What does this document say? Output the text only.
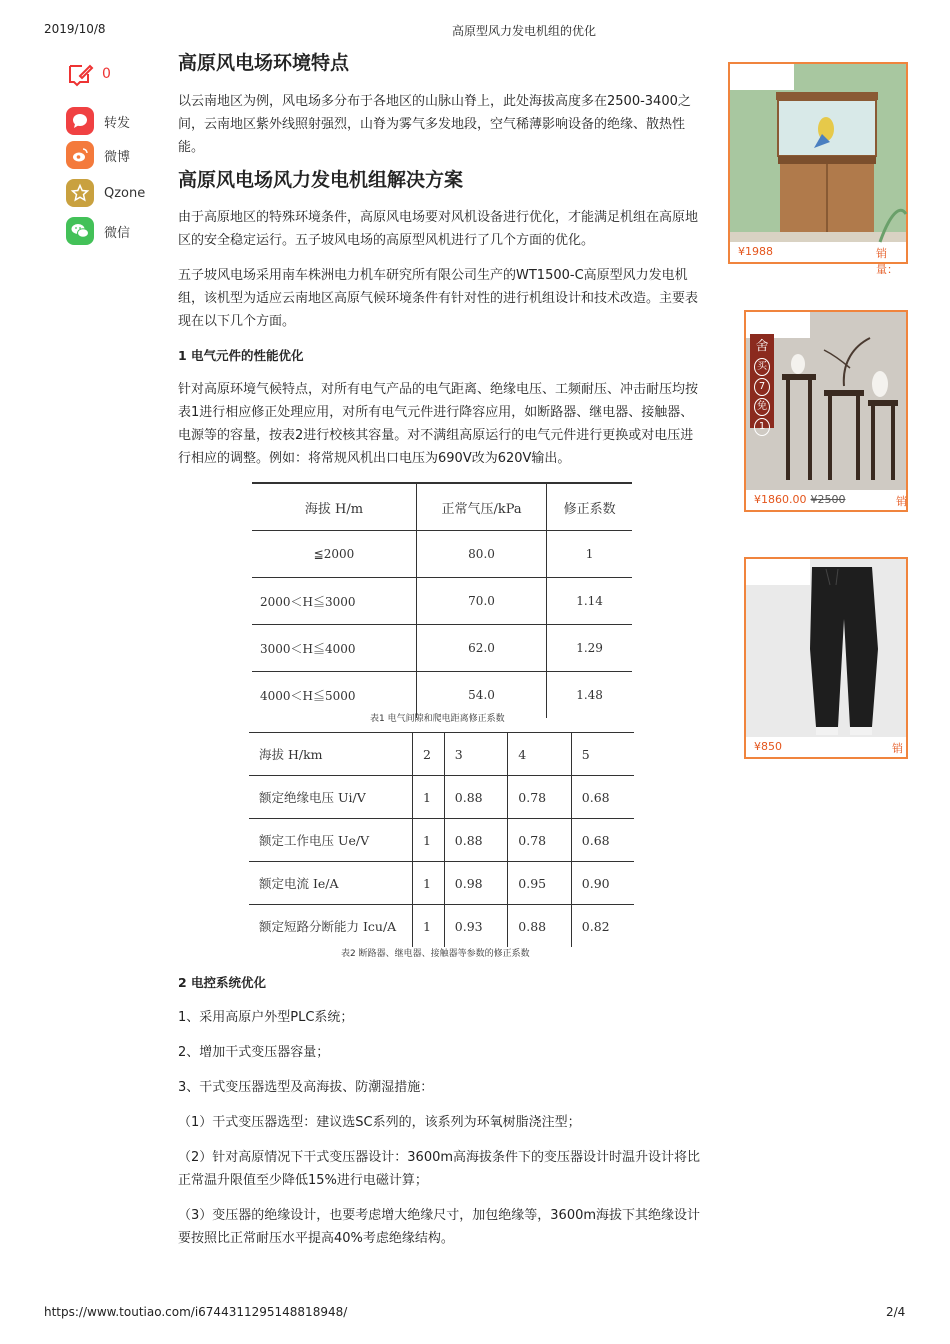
2019/10/8	高原型风力发电机组的优化
0
转发
微博
Qzone
微信
高原风电场环境特点

以云南地区为例，风电场多分布于各地区的山脉山脊上，此处海拔高度多在2500-3400之间，云南地区紫外线照射强烈，山脊为雾气多发地段，空气稀薄影响设备的绝缘、散热性能。

高原风电场风力发电机组解决方案

由于高原地区的特殊环境条件，高原风电场要对风机设备进行优化，才能满足机组在高原地区的安全稳定运行。五子坡风电场的高原型风机进行了几个方面的优化。

五子坡风电场采用南车株洲电力机车研究所有限公司生产的WT1500-C高原型风力发电机组，该机型为适应云南地区高原气候环境条件有针对性的进行机组设计和技术改造。主要表现在以下几个方面。

1 电气元件的性能优化

针对高原环境气候特点，对所有电气产品的电气距离、绝缘电压、工频耐压、冲击耐压均按表1进行相应修正处理应用，对所有电气元件进行降容应用，如断路器、继电器、接触器、电源等的容量，按表2进行校核其容量。对不满组高原运行的电气元件进行更换或对电压进行相应的调整。例如：将常规风机出口电压为690V改为620V输出。

2 电控系统优化

1、采用高原户外型PLC系统；

2、增加干式变压器容量；

3、干式变压器选型及高海拔、防潮湿措施：

（1）干式变压器选型：建议选SC系列的，该系列为环氧树脂浇注型；

（2）针对高原情况下干式变压器设计：3600m高海拔条件下的变压器设计时温升设计将比正常温升限值至少降低15%进行电磁计算；

（3）变压器的绝缘设计，也要考虑增大绝缘尺寸，加包绝缘等，3600m海拔下其绝缘设计要按照比正常耐压水平提高40%考虑绝缘结构。

海拔 H/m	正常气压/kPa	修正系数
≦2000	80.0	1
2000＜H≦3000	70.0	1.14
3000＜H≦4000	62.0	1.29
4000＜H≦5000	54.0	1.48
表1 电气间隙和爬电距离修正系数
海拔 H/km	2	3	4	5
额定绝缘电压 Ui/V	1	0.88	0.78	0.68
额定工作电压 Ue/V	1	0.88	0.78	0.68
额定电流 Ie/A	1	0.98	0.95	0.90
额定短路分断能力 Icu/A	1	0.93	0.88	0.82
表2 断路器、继电器、接触器等参数的修正系数
¥1988	销量：
舍
买
7
免
1
¥1860.00 ¥2500	销
¥850	销
https://www.toutiao.com/i6744311295148818948/	2/4
